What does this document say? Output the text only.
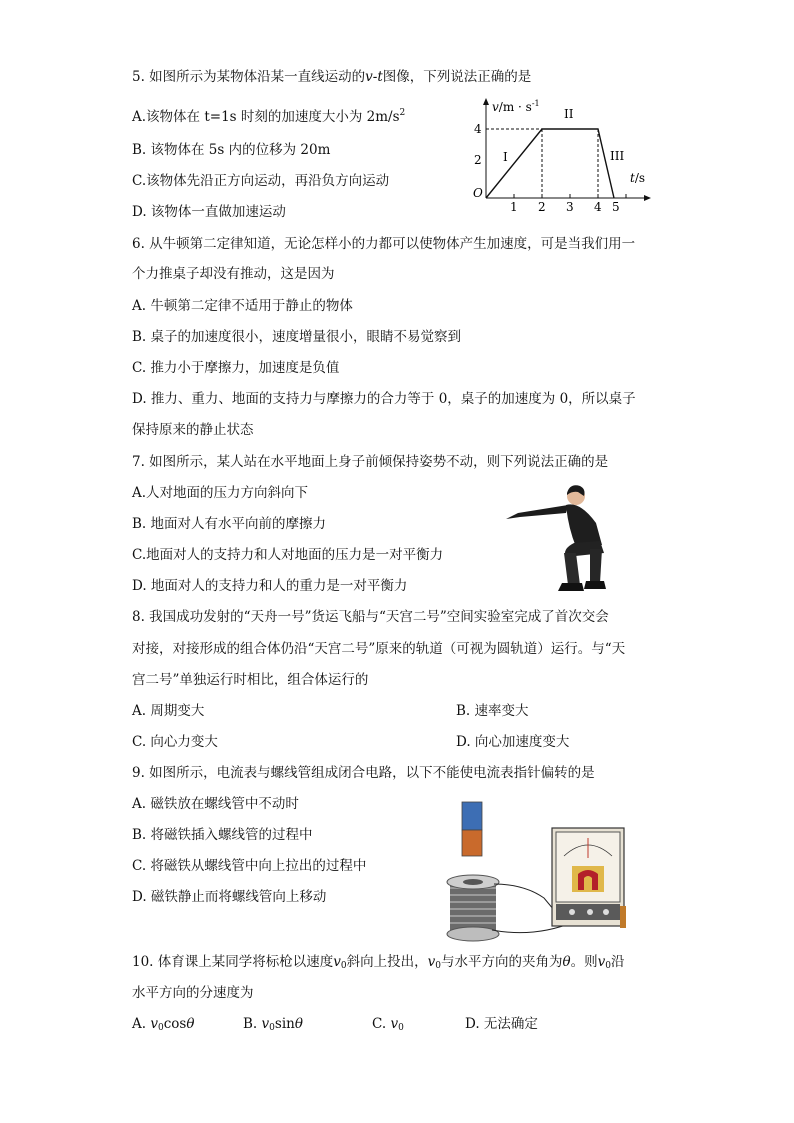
5. 如图所示为某物体沿某一直线运动的v-t图像，下列说法正确的是
A.该物体在 t=1s 时刻的加速度大小为 $2m/s^2$
B. 该物体在 5s 内的位移为 20m
C.该物体先沿正方向运动，再沿负方向运动
D. 该物体一直做加速运动
$v/m \cdot s^{-1}$
4
2
O
1 2 3 4 5
t/s
I
II
III
6. 从牛顿第二定律知道，无论怎样小的力都可以使物体产生加速度，可是当我们用一
个力推桌子却没有推动，这是因为
A. 牛顿第二定律不适用于静止的物体
B. 桌子的加速度很小，速度增量很小，眼睛不易觉察到
C. 推力小于摩擦力，加速度是负值
D. 推力、重力、地面的支持力与摩擦力的合力等于 0，桌子的加速度为 0，所以桌子
保持原来的静止状态
7. 如图所示，某人站在水平地面上身子前倾保持姿势不动，则下列说法正确的是
A.人对地面的压力方向斜向下
B. 地面对人有水平向前的摩擦力
C.地面对人的支持力和人对地面的压力是一对平衡力
D. 地面对人的支持力和人的重力是一对平衡力
8. 我国成功发射的“天舟一号”货运飞船与“天宫二号”空间实验室完成了首次交会
对接，对接形成的组合体仍沿“天宫二号”原来的轨道（可视为圆轨道）运行。与“天
宫二号”单独运行时相比，组合体运行的
A. 周期变大	B. 速率变大
C. 向心力变大	D. 向心加速度变大
9. 如图所示，电流表与螺线管组成闭合电路，以下不能使电流表指针偏转的是
A. 磁铁放在螺线管中不动时
B. 将磁铁插入螺线管的过程中
C. 将磁铁从螺线管中向上拉出的过程中
D. 磁铁静止而将螺线管向上移动
10. 体育课上某同学将标枪以速度$v_0$斜向上投出，$v_0$与水平方向的夹角为θ。则$v_0$沿
水平方向的分速度为
A. $v_0\cos\theta$	B. $v_0\sin\theta$	C. $v_0$	D. 无法确定
